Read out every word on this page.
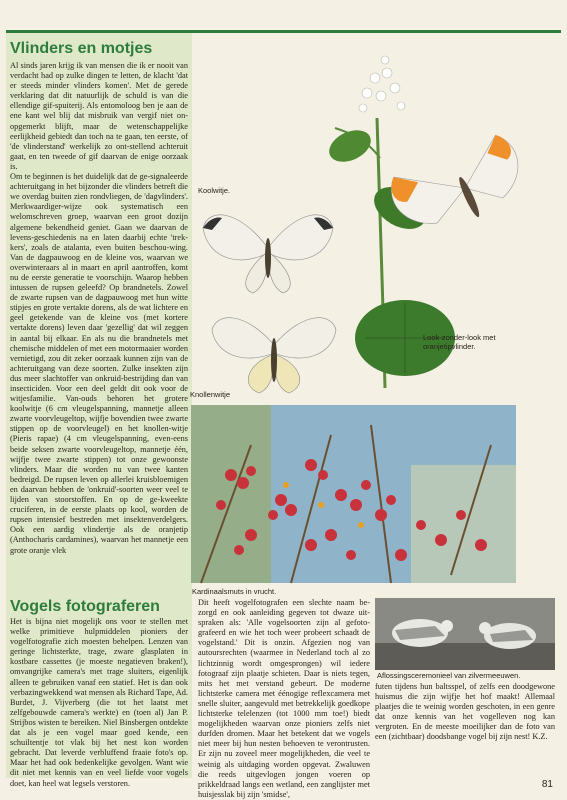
Vlinders en motjes

Al sinds jaren krijg ik van mensen die ik er nooit van verdacht had op zulke dingen te letten, de klacht 'dat er steeds minder vlinders komen'. Met de gerede verklaring dat dit natuurlijk de schuld is van die ellendige gif-spuiterij. Als entomoloog ben je aan de ene kant wel blij dat misbruik van vergif niet on-opgemerkt blijft, maar de wetenschappelijke eerlijkheid gebiedt dan toch na te gaan, ten eerste, of 'de vlinderstand' werkelijk zo ont-stellend achteruit gaat, en ten tweede of gif daarvan de enige oorzaak is.

Om te beginnen is het duidelijk dat de ge-signaleerde achteruitgang in het bijzonder die vlinders betreft die we overdag buiten zien rondvliegen, de 'dagvlinders'. Merkwaardiger-wijze ook systematisch een welomschreven groep, waarvan een groot dozijn algemene bekendheid geniet. Gaan we daarvan de levens-geschiedenis na en laten daarbij echte 'trek-kers', zoals de atalanta, even buiten beschou-wing. Van de dagpauwoog en de kleine vos, waarvan we overwinteraars al in maart en april aantroffen, komt nu de eerste generatie te voorschijn. Waarop hebben intussen de rupsen geleefd? Op brandnetels. Zowel de zwarte rupsen van de dagpauwoog met hun witte stipjes en grote vertakte dorens, als de wat lichtere en geel getekende van de kleine vos (met kortere vertakte dorens) leven daar 'gezellig' dat wil zeggen in aantal bij elkaar. En als nu die brandnetels met chemische middelen of met een motormaaier worden vernietigd, zou dit zeker oorzaak kunnen zijn van de achteruitgang van deze soorten. Zulke insekten zijn dus meer slachtoffer van onkruid-bestrijding dan van insecticiden. Voor een deel geldt dit ook voor de witjesfamilie. Van-ouds behoren het grotere koolwitje (6 cm vleugelspanning, mannetje alleen zwarte voorvleugeltop, wijfje bovendien twee zwarte stippen op de voorvleugel) en het knollen-witje (Pieris rapae) (4 cm vleugelspanning, even-eens beide seksen zwarte voorvleugeltop, mannetje één, wijfje twee zwarte stippen) tot onze gewoonste vlinders. Maar die worden nu van twee kanten bedreigd. De rupsen leven op allerlei kruisbloemigen en daarvan hebben de 'onkruid'-soorten weer veel te lijden van stoorstoffen. En op de ge-kweekte cruciferen, in de eerste plaats op kool, worden de rupsen intensief bestreden met insektenverdelgers. Ook een aardig vlindertje als de oranjetip (Anthocharis cardamines), waarvan het mannetje een grote oranje vlek

Koolwitje.
Knollenwitje
Look-zonder-look met oranjetipvlinder.
Kardinaalsmuts in vrucht.
Vogels fotograferen

Het is bijna niet mogelijk ons voor te stellen met welke primitieve hulpmiddelen pioniers der vogelfotografie zich moesten behelpen. Lenzen van geringe lichtsterkte, trage, zware glasplaten in kostbare cassettes (je moeste negatieven braken!), omvangrijke camera's met trage sluiters, eigenlijk alleen te gebruiken vanaf een statief. Het is dan ook verbazingwekkend wat mensen als Richard Tape, Ad. Burdet, J. Vijverberg (die tot het laatst met zelfgebouwde camera's werkte) en (toen al) Jan P. Strijbos wisten te bereiken. Niel Binsbergen ontdekte dat als je een vogel maar goed kende, een schuiltentje tot vlak bij het nest kon worden gebracht. Dat leverde verbluffend fraaie foto's op. Maar het had ook bedenkelijke gevolgen. Want wie dit niet met kennis van en veel liefde voor vogels doet, kan heel wat legsels verstoren.

Dit heeft vogelfotografen een slechte naam be-zorgd en ook aanleiding gegeven tot dwaze uit-spraken als: 'Alle vogelsoorten zijn al gefoto-grafeerd en wie het toch weer probeert schaadt de vogelstand.' Dit is onzin. Afgezien nog van autoursrechten (waarmee in Nederland toch al zo lichtzinnig wordt omgesprongen) wil iedere fotograaf zijn plaatje schieten. Daar is niets tegen, mits het met verstand gebeurt. De moderne lichtsterke camera met éénogige reflexcamera met snelle sluiter, aangevuld met betrekkelijk goedkope lichtsterke telelenzen (tot 1000 mm toe!) biedt mogelijkheden waarvan onze pioniers zelfs niet durfden dromen. Maar het betekent dat we vogels niet meer bij hun nesten behoeven te verontrusten. Er zijn nu zoveel meer mogelijkheden, die veel te weinig als uitdaging worden opgevat. Zwaluwen die reeds uitgevlogen jongen voeren op prikkeldraad langs een wetland, een zanglijster met huisjesslak bij zijn 'smidse',

Aflossingsceremonieel van zilvermeeuwen.

futen tijdens hun baltsspel, of zelfs een doodgewone huismus die zijn wijfje het hof maakt! Allemaal plaatjes die te weinig worden geschoten, in een genre dat onze kennis van het vogelleven nog kan vergroten. En de meeste moeilijker dan de foto van een (zichtbaar) doodsbange vogel bij zijn nest! K.Z.

81
